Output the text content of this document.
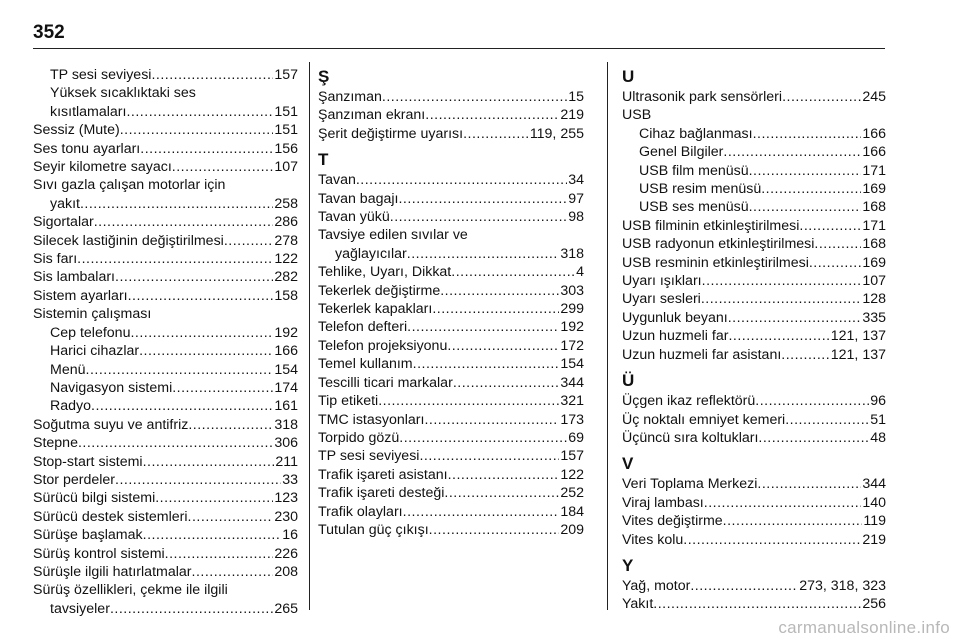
352
TP sesi seviyesi .....	157
Yüksek sıcaklıktaki ses
kısıtlamaları .....	151
Sessiz (Mute) .....	151
Ses tonu ayarları .....	156
Seyir kilometre sayacı .....	107
Sıvı gazla çalışan motorlar için
yakıt .....	258
Sigortalar .....	286
Silecek lastiğinin değiştirilmesi .....	278
Sis farı .....	122
Sis lambaları .....	282
Sistem ayarları .....	158
Sistemin çalışması
Cep telefonu .....	192
Harici cihazlar .....	166
Menü .....	154
Navigasyon sistemi .....	174
Radyo .....	161
Soğutma suyu ve antifriz .....	318
Stepne .....	306
Stop-start sistemi .....	211
Stor perdeler .....	33
Sürücü bilgi sistemi .....	123
Sürücü destek sistemleri .....	230
Sürüşe başlamak .....	16
Sürüş kontrol sistemi .....	226
Sürüşle ilgili hatırlatmalar .....	208
Sürüş özellikleri, çekme ile ilgili
tavsiyeler .....	265
Ş
Şanzıman .....	15
Şanzıman ekranı .....	219
Şerit değiştirme uyarısı .....	119, 255
T
Tavan .....	34
Tavan bagajı .....	97
Tavan yükü .....	98
Tavsiye edilen sıvılar ve
yağlayıcılar .....	318
Tehlike, Uyarı, Dikkat .....	4
Tekerlek değiştirme .....	303
Tekerlek kapakları .....	299
Telefon defteri .....	192
Telefon projeksiyonu .....	172
Temel kullanım .....	154
Tescilli ticari markalar .....	344
Tip etiketi .....	321
TMC istasyonları .....	173
Torpido gözü .....	69
TP sesi seviyesi .....	157
Trafik işareti asistanı .....	122
Trafik işareti desteği .....	252
Trafik olayları .....	184
Tutulan güç çıkışı .....	209
U
Ultrasonik park sensörleri .....	245
USB
Cihaz bağlanması .....	166
Genel Bilgiler .....	166
USB film menüsü .....	171
USB resim menüsü .....	169
USB ses menüsü .....	168
USB filminin etkinleştirilmesi .....	171
USB radyonun etkinleştirilmesi .....	168
USB resminin etkinleştirilmesi .....	169
Uyarı ışıkları .....	107
Uyarı sesleri .....	128
Uygunluk beyanı .....	335
Uzun huzmeli far .....	121, 137
Uzun huzmeli far asistanı .....	121, 137
Ü
Üçgen ikaz reflektörü .....	96
Üç noktalı emniyet kemeri .....	51
Üçüncü sıra koltukları .....	48
V
Veri Toplama Merkezi .....	344
Viraj lambası .....	140
Vites değiştirme .....	119
Vites kolu .....	219
Y
Yağ, motor .....	273, 318, 323
Yakıt .....	256
carmanualsonline.info
